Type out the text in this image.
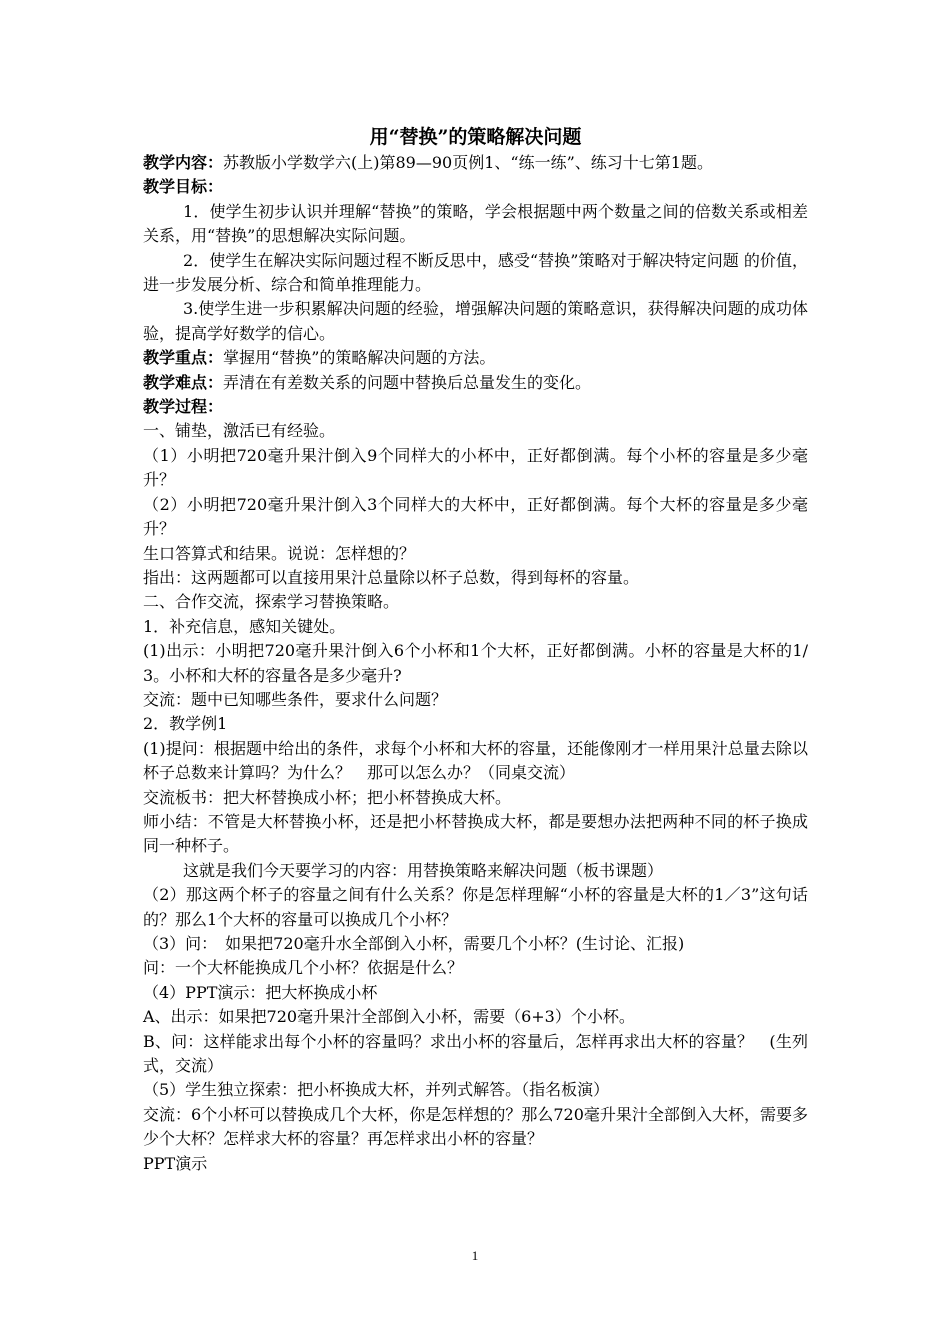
用“替换”的策略解决问题

教学内容：苏教版小学数学六(上)第89—90页例1、“练一练”、练习十七第1题。

教学目标：

1．使学生初步认识并理解“替换”的策略，学会根据题中两个数量之间的倍数关系或相差关系，用“替换”的思想解决实际问题。

2．使学生在解决实际问题过程不断反思中，感受“替换”策略对于解决特定问题 的价值，进一步发展分析、综合和简单推理能力。

3.使学生进一步积累解决问题的经验，增强解决问题的策略意识，获得解决问题的成功体验，提高学好数学的信心。

教学重点：掌握用“替换”的策略解决问题的方法。

教学难点：弄清在有差数关系的问题中替换后总量发生的变化。

教学过程：

一、铺垫，激活已有经验。

（1）小明把720毫升果汁倒入9个同样大的小杯中，正好都倒满。每个小杯的容量是多少毫升？

（2）小明把720毫升果汁倒入3个同样大的大杯中，正好都倒满。每个大杯的容量是多少毫升？

生口答算式和结果。说说：怎样想的？

指出：这两题都可以直接用果汁总量除以杯子总数，得到每杯的容量。

二、合作交流，探索学习替换策略。

1．补充信息，感知关键处。

(1)出示：小明把720毫升果汁倒入6个小杯和1个大杯，正好都倒满。小杯的容量是大杯的1/3。小杯和大杯的容量各是多少毫升?

交流：题中已知哪些条件，要求什么问题？

2．教学例1

(1)提问：根据题中给出的条件，求每个小杯和大杯的容量，还能像刚才一样用果汁总量去除以杯子总数来计算吗？为什么？　那可以怎么办？（同桌交流）

交流板书：把大杯替换成小杯；把小杯替换成大杯。

师小结：不管是大杯替换小杯，还是把小杯替换成大杯，都是要想办法把两种不同的杯子换成同一种杯子。

这就是我们今天要学习的内容：用替换策略来解决问题（板书课题）

（2）那这两个杯子的容量之间有什么关系？你是怎样理解“小杯的容量是大杯的1／3”这句话的？那么1个大杯的容量可以换成几个小杯？

（3）问：　如果把720毫升水全部倒入小杯，需要几个小杯？(生讨论、汇报)

问：一个大杯能换成几个小杯？依据是什么？

（4）PPT演示：把大杯换成小杯

A、出示：如果把720毫升果汁全部倒入小杯，需要（6+3）个小杯。

B、问：这样能求出每个小杯的容量吗？求出小杯的容量后，怎样再求出大杯的容量？　(生列式，交流）

（5）学生独立探索：把小杯换成大杯，并列式解答。（指名板演）

交流：6个小杯可以替换成几个大杯，你是怎样想的？那么720毫升果汁全部倒入大杯，需要多少个大杯？怎样求大杯的容量？再怎样求出小杯的容量？

PPT演示

1
